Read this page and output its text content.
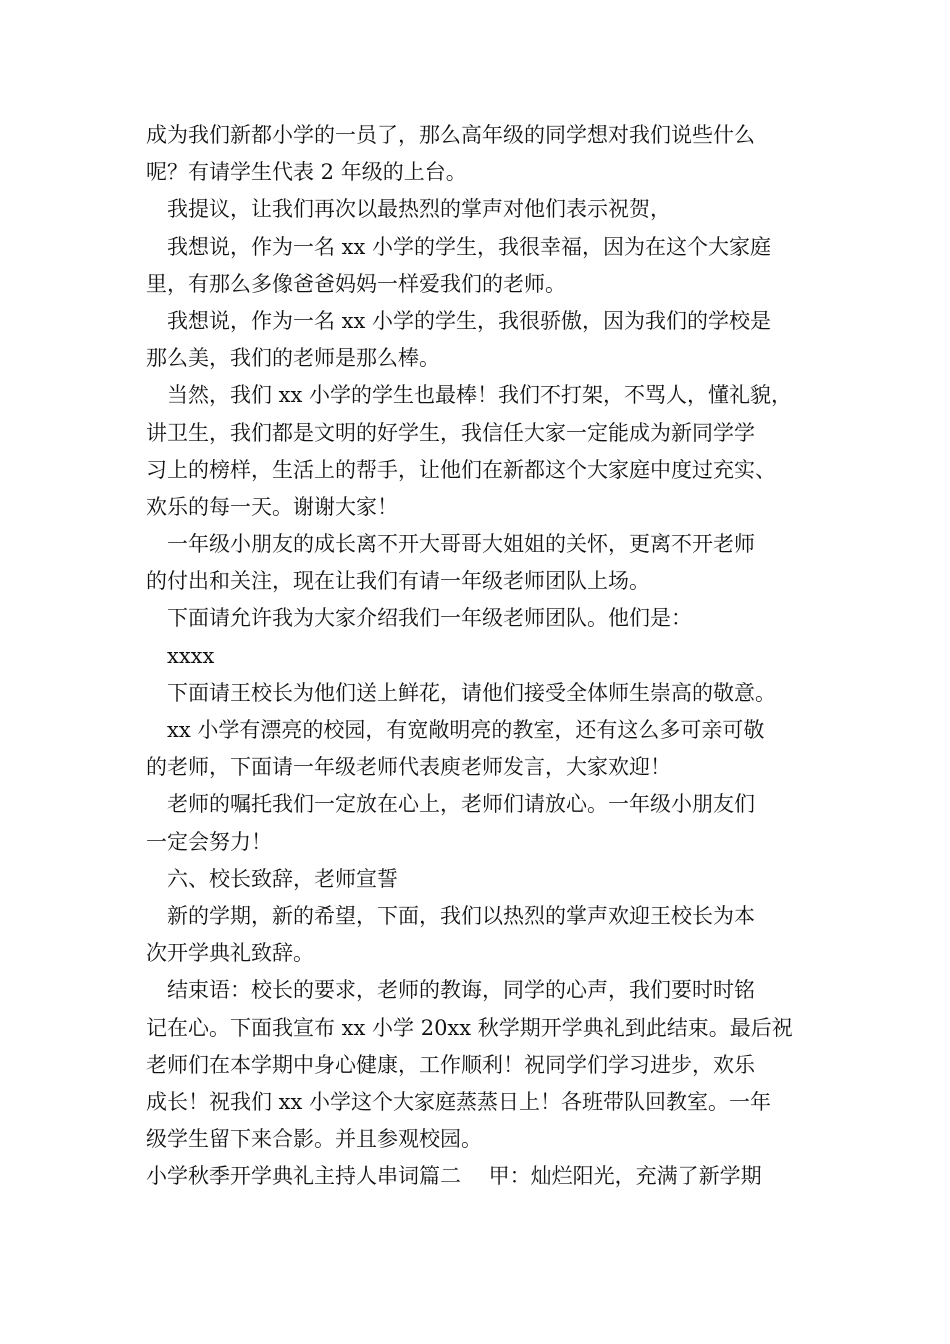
成为我们新都小学的一员了，那么高年级的同学想对我们说些什么
呢？有请学生代表 2 年级的上台。
我提议，让我们再次以最热烈的掌声对他们表示祝贺，
我想说，作为一名 xx 小学的学生，我很幸福，因为在这个大家庭
里，有那么多像爸爸妈妈一样爱我们的老师。
我想说，作为一名 xx 小学的学生，我很骄傲，因为我们的学校是
那么美，我们的老师是那么棒。
当然，我们 xx 小学的学生也最棒！我们不打架，不骂人，懂礼貌，
讲卫生，我们都是文明的好学生，我信任大家一定能成为新同学学
习上的榜样，生活上的帮手，让他们在新都这个大家庭中度过充实、
欢乐的每一天。谢谢大家！
一年级小朋友的成长离不开大哥哥大姐姐的关怀，更离不开老师
的付出和关注，现在让我们有请一年级老师团队上场。
下面请允许我为大家介绍我们一年级老师团队。他们是：
xxxx
下面请王校长为他们送上鲜花，请他们接受全体师生崇高的敬意。
xx 小学有漂亮的校园，有宽敞明亮的教室，还有这么多可亲可敬
的老师，下面请一年级老师代表庾老师发言，大家欢迎！
老师的嘱托我们一定放在心上，老师们请放心。一年级小朋友们
一定会努力！
六、校长致辞，老师宣誓
新的学期，新的希望，下面，我们以热烈的掌声欢迎王校长为本
次开学典礼致辞。
结束语：校长的要求，老师的教诲，同学的心声，我们要时时铭
记在心。下面我宣布 xx 小学 20xx 秋学期开学典礼到此结束。最后祝
老师们在本学期中身心健康，工作顺利！祝同学们学习进步，欢乐
成长！祝我们 xx 小学这个大家庭蒸蒸日上！各班带队回教室。一年
级学生留下来合影。并且参观校园。
小学秋季开学典礼主持人串词篇二　 甲：灿烂阳光，充满了新学期
